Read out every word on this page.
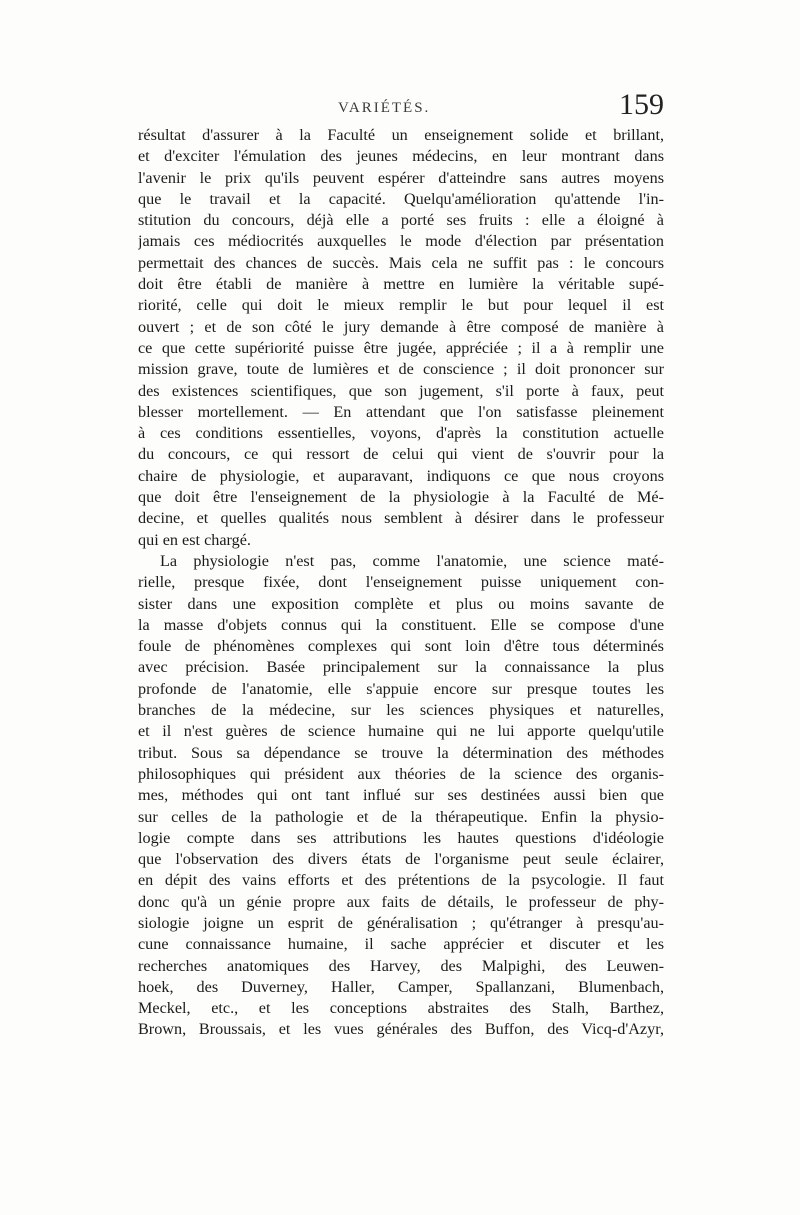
VARIÉTÉS.	159
résultat d'assurer à la Faculté un enseignement solide et brillant,
et d'exciter l'émulation des jeunes médecins, en leur montrant dans
l'avenir le prix qu'ils peuvent espérer d'atteindre sans autres moyens
que le travail et la capacité. Quelqu'amélioration qu'attende l'in-
stitution du concours, déjà elle a porté ses fruits : elle a éloigné à
jamais ces médiocrités auxquelles le mode d'élection par présentation
permettait des chances de succès. Mais cela ne suffit pas : le concours
doit être établi de manière à mettre en lumière la véritable supé-
riorité, celle qui doit le mieux remplir le but pour lequel il est
ouvert ; et de son côté le jury demande à être composé de manière à
ce que cette supériorité puisse être jugée, appréciée ; il a à remplir une
mission grave, toute de lumières et de conscience ; il doit prononcer sur
des existences scientifiques, que son jugement, s'il porte à faux, peut
blesser mortellement. — En attendant que l'on satisfasse pleinement
à ces conditions essentielles, voyons, d'après la constitution actuelle
du concours, ce qui ressort de celui qui vient de s'ouvrir pour la
chaire de physiologie, et auparavant, indiquons ce que nous croyons
que doit être l'enseignement de la physiologie à la Faculté de Mé-
decine, et quelles qualités nous semblent à désirer dans le professeur
qui en est chargé.
La physiologie n'est pas, comme l'anatomie, une science maté-
rielle, presque fixée, dont l'enseignement puisse uniquement con-
sister dans une exposition complète et plus ou moins savante de
la masse d'objets connus qui la constituent. Elle se compose d'une
foule de phénomènes complexes qui sont loin d'être tous déterminés
avec précision. Basée principalement sur la connaissance la plus
profonde de l'anatomie, elle s'appuie encore sur presque toutes les
branches de la médecine, sur les sciences physiques et naturelles,
et il n'est guères de science humaine qui ne lui apporte quelqu'utile
tribut. Sous sa dépendance se trouve la détermination des méthodes
philosophiques qui président aux théories de la science des organis-
mes, méthodes qui ont tant influé sur ses destinées aussi bien que
sur celles de la pathologie et de la thérapeutique. Enfin la physio-
logie compte dans ses attributions les hautes questions d'idéologie
que l'observation des divers états de l'organisme peut seule éclairer,
en dépit des vains efforts et des prétentions de la psycologie. Il faut
donc qu'à un génie propre aux faits de détails, le professeur de phy-
siologie joigne un esprit de généralisation ; qu'étranger à presqu'au-
cune connaissance humaine, il sache apprécier et discuter et les
recherches anatomiques des Harvey, des Malpighi, des Leuwen-
hoek, des Duverney, Haller, Camper, Spallanzani, Blumenbach,
Meckel, etc., et les conceptions abstraites des Stalh, Barthez,
Brown, Broussais, et les vues générales des Buffon, des Vicq-d'Azyr,
